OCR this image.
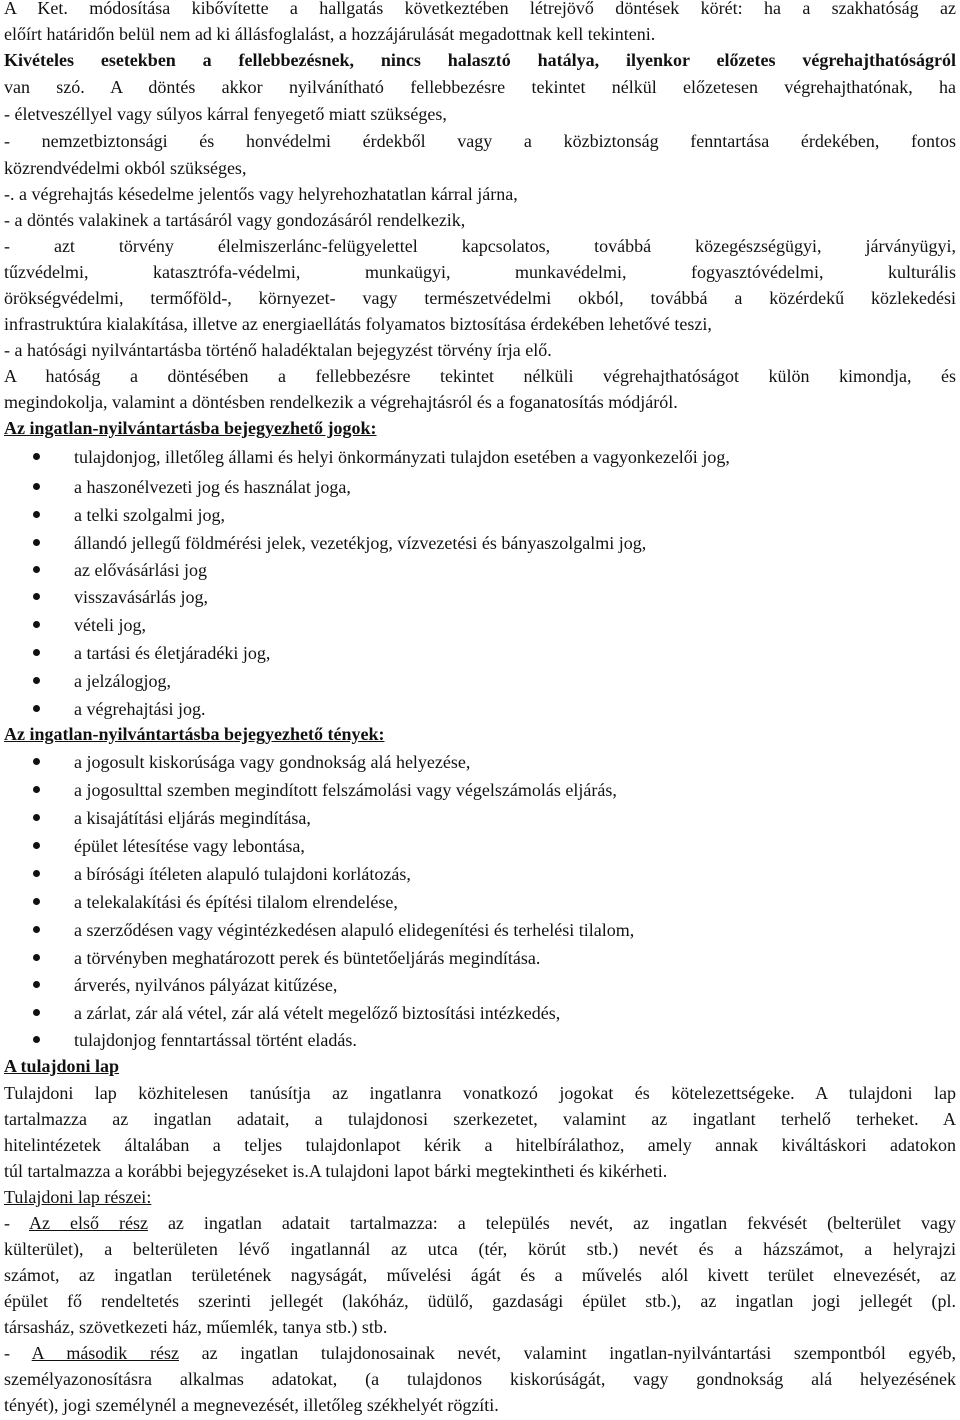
A Ket. módosítása kibővítette a hallgatás következtében létrejövő döntések körét: ha a szakhatóság az
előírt határidőn belül nem ad ki állásfoglalást, a hozzájárulását megadottnak kell tekinteni.
Kivételes esetekben a fellebbezésnek, nincs halasztó hatálya, ilyenkor előzetes végrehajthatóságról
van szó. A döntés akkor nyilvánítható fellebbezésre tekintet nélkül előzetesen végrehajthatónak, ha
- életveszéllyel vagy súlyos kárral fenyegető miatt szükséges,
- nemzetbiztonsági és honvédelmi érdekből vagy a közbiztonság fenntartása érdekében, fontos
közrendvédelmi okból szükséges,
-. a végrehajtás késedelme jelentős vagy helyrehozhatatlan kárral járna,
- a döntés valakinek a tartásáról vagy gondozásáról rendelkezik,
- azt törvény élelmiszerlánc-felügyelettel kapcsolatos, továbbá közegészségügyi, járványügyi,
tűzvédelmi, katasztrófa-védelmi, munkaügyi, munkavédelmi, fogyasztóvédelmi, kulturális
örökségvédelmi, termőföld-, környezet- vagy természetvédelmi okból, továbbá a közérdekű közlekedési
infrastruktúra kialakítása, illetve az energiaellátás folyamatos biztosítása érdekében lehetővé teszi,
- a hatósági nyilvántartásba történő haladéktalan bejegyzést törvény írja elő.
A hatóság a döntésében a fellebbezésre tekintet nélküli végrehajthatóságot külön kimondja, és
megindokolja, valamint a döntésben rendelkezik a végrehajtásról és a foganatosítás módjáról.
Az ingatlan-nyilvántartásba bejegyezhető jogok:
tulajdonjog, illetőleg állami és helyi önkormányzati tulajdon esetében a vagyonkezelői jog,
a haszonélvezeti jog és használat joga,
a telki szolgalmi jog,
állandó jellegű földmérési jelek, vezetékjog, vízvezetési és bányaszolgalmi jog,
az elővásárlási jog
visszavásárlás jog,
vételi jog,
a tartási és életjáradéki jog,
a jelzálogjog,
a végrehajtási jog.
Az ingatlan-nyilvántartásba bejegyezhető tények:
a jogosult kiskorúsága vagy gondnokság alá helyezése,
a jogosulttal szemben megindított felszámolási vagy végelszámolás eljárás,
a kisajátítási eljárás megindítása,
épület létesítése vagy lebontása,
a bírósági ítéleten alapuló tulajdoni korlátozás,
a telekalakítási és építési tilalom elrendelése,
a szerződésen vagy végintézkedésen alapuló elidegenítési és terhelési tilalom,
a törvényben meghatározott perek és büntetőeljárás megindítása.
árverés, nyilvános pályázat kitűzése,
a zárlat, zár alá vétel, zár alá vételt megelőző biztosítási intézkedés,
tulajdonjog fenntartással történt eladás.
A tulajdoni lap
Tulajdoni lap közhitelesen tanúsítja az ingatlanra vonatkozó jogokat és kötelezettségeke. A tulajdoni lap
tartalmazza az ingatlan adatait, a tulajdonosi szerkezetet, valamint az ingatlant terhelő terheket. A
hitelintézetek általában a teljes tulajdonlapot kérik a hitelbírálathoz, amely annak kiváltáskori adatokon
túl tartalmazza a korábbi bejegyzéseket is.A tulajdoni lapot bárki megtekintheti és kikérheti.
Tulajdoni lap részei:
- Az első rész az ingatlan adatait tartalmazza: a település nevét, az ingatlan fekvését (belterület vagy
külterület), a belterületen lévő ingatlannál az utca (tér, körút stb.) nevét és a házszámot, a helyrajzi
számot, az ingatlan területének nagyságát, művelési ágát és a művelés alól kivett terület elnevezését, az
épület fő rendeltetés szerinti jellegét (lakóház, üdülő, gazdasági épület stb.), az ingatlan jogi jellegét (pl.
társasház, szövetkezeti ház, műemlék, tanya stb.) stb.
- A második rész az ingatlan tulajdonosainak nevét, valamint ingatlan-nyilvántartási szempontból egyéb,
személyazonosításra alkalmas adatokat, (a tulajdonos kiskorúságát, vagy gondnokság alá helyezésének
tényét), jogi személynél a megnevezését, illetőleg székhelyét rögzíti.
